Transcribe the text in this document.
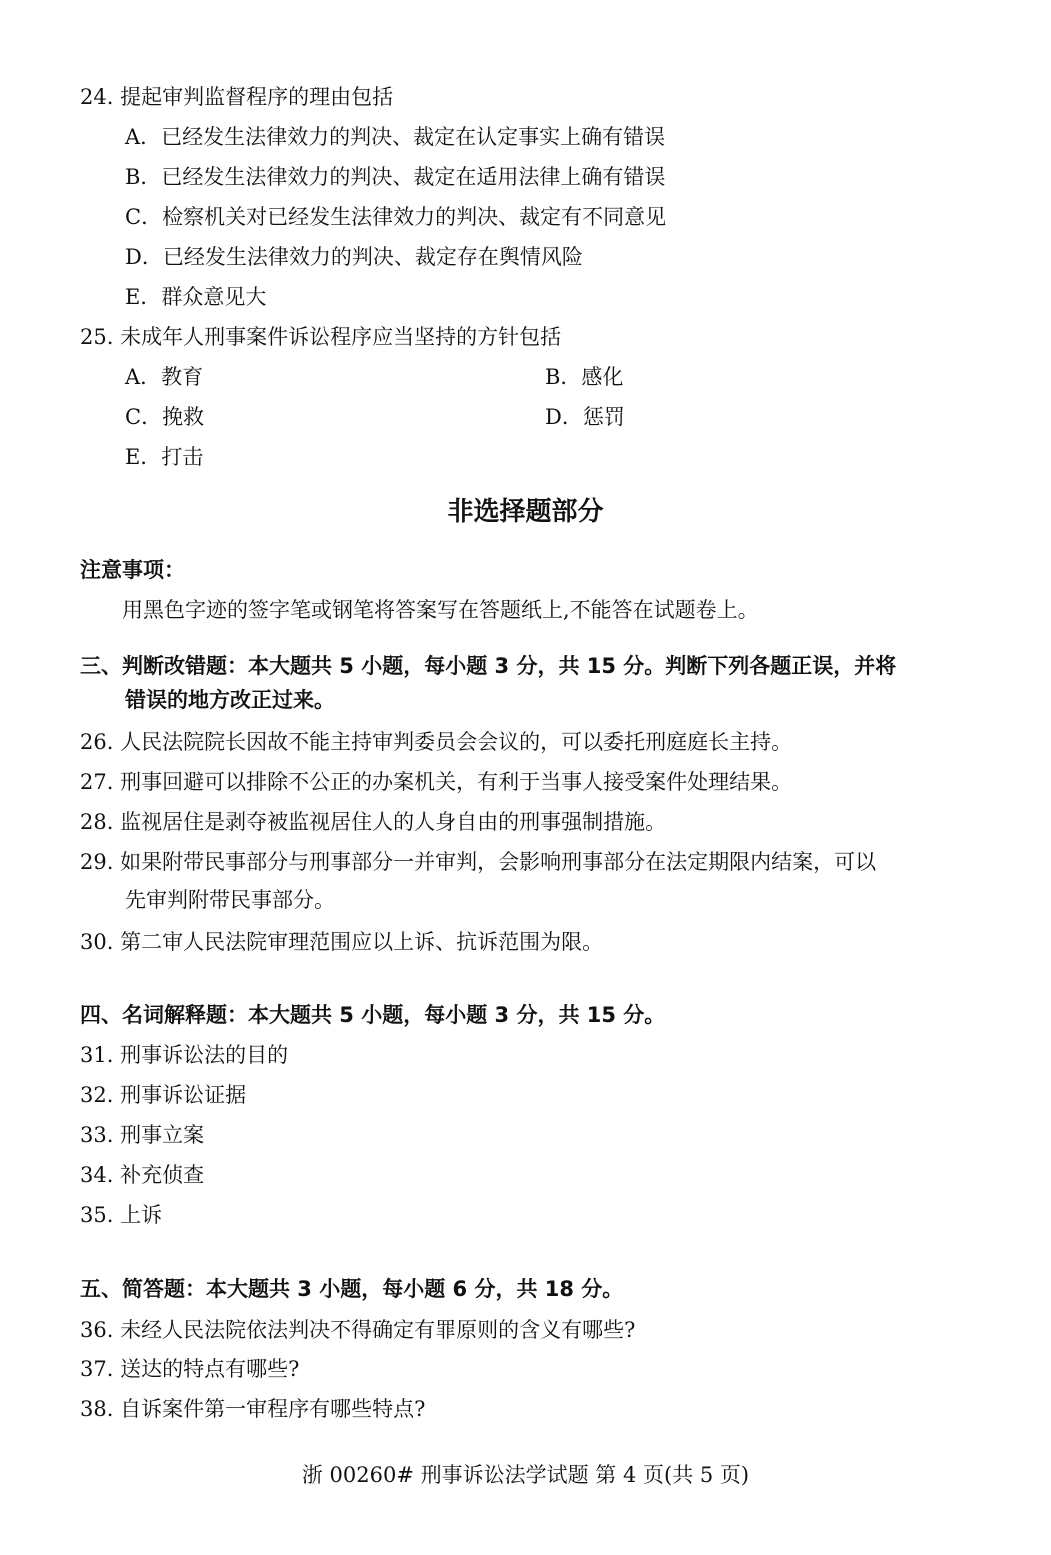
24. 提起审判监督程序的理由包括
A．已经发生法律效力的判决、裁定在认定事实上确有错误
B．已经发生法律效力的判决、裁定在适用法律上确有错误
C．检察机关对已经发生法律效力的判决、裁定有不同意见
D．已经发生法律效力的判决、裁定存在舆情风险
E．群众意见大
25. 未成年人刑事案件诉讼程序应当坚持的方针包括
A．教育	B．感化
C．挽救	D．惩罚
E．打击
非选择题部分
注意事项：
用黑色字迹的签字笔或钢笔将答案写在答题纸上,不能答在试题卷上。
三、判断改错题：本大题共 5 小题，每小题 3 分，共 15 分。判断下列各题正误，并将
错误的地方改正过来。
26. 人民法院院长因故不能主持审判委员会会议的，可以委托刑庭庭长主持。
27. 刑事回避可以排除不公正的办案机关，有利于当事人接受案件处理结果。
28. 监视居住是剥夺被监视居住人的人身自由的刑事强制措施。
29. 如果附带民事部分与刑事部分一并审判，会影响刑事部分在法定期限内结案，可以
先审判附带民事部分。
30. 第二审人民法院审理范围应以上诉、抗诉范围为限。
四、名词解释题：本大题共 5 小题，每小题 3 分，共 15 分。
31. 刑事诉讼法的目的
32. 刑事诉讼证据
33. 刑事立案
34. 补充侦查
35. 上诉
五、简答题：本大题共 3 小题，每小题 6 分，共 18 分。
36. 未经人民法院依法判决不得确定有罪原则的含义有哪些?
37. 送达的特点有哪些?
38. 自诉案件第一审程序有哪些特点?
浙 00260# 刑事诉讼法学试题 第 4 页(共 5 页)
